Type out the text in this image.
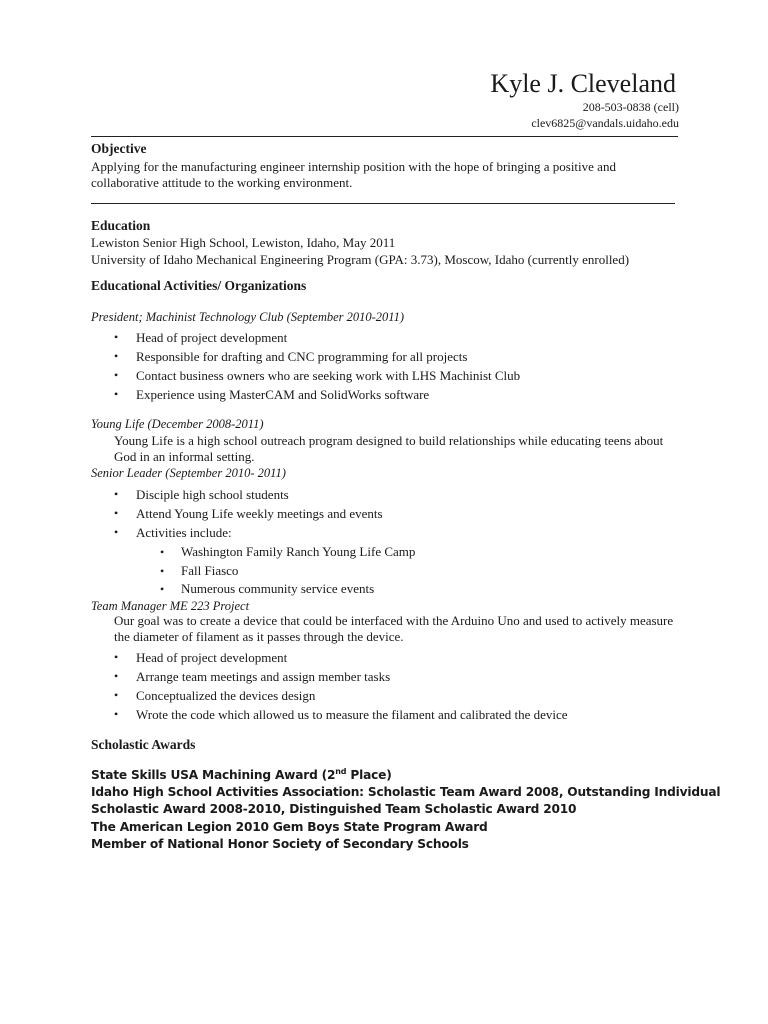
Kyle J. Cleveland
208-503-0838 (cell)
clev6825@vandals.uidaho.edu
Objective

Applying for the manufacturing engineer internship position with the hope of bringing a positive and collaborative attitude to the working environment.

Education

Lewiston Senior High School, Lewiston, Idaho, May 2011

University of Idaho Mechanical Engineering Program (GPA: 3.73), Moscow, Idaho (currently enrolled)

Educational Activities/ Organizations
President; Machinist Technology Club (September 2010-2011)
• Head of project development
• Responsible for drafting and CNC programming for all projects
• Contact business owners who are seeking work with LHS Machinist Club
• Experience using MasterCAM and SolidWorks software
Young Life (December 2008-2011)
Young Life is a high school outreach program designed to build relationships while educating teens about God in an informal setting.
Senior Leader (September 2010- 2011)
• Disciple high school students
• Attend Young Life weekly meetings and events
• Activities include:
• Washington Family Ranch Young Life Camp
• Fall Fiasco
• Numerous community service events
Team Manager ME 223 Project
Our goal was to create a device that could be interfaced with the Arduino Uno and used to actively measure the diameter of filament as it passes through the device.
• Head of project development
• Arrange team meetings and assign member tasks
• Conceptualized the devices design
• Wrote the code which allowed us to measure the filament and calibrated the device
Scholastic Awards
State Skills USA Machining Award (2nd Place)
Idaho High School Activities Association: Scholastic Team Award 2008, Outstanding Individual
Scholastic Award 2008-2010, Distinguished Team Scholastic Award 2010
The American Legion 2010 Gem Boys State Program Award
Member of National Honor Society of Secondary Schools
